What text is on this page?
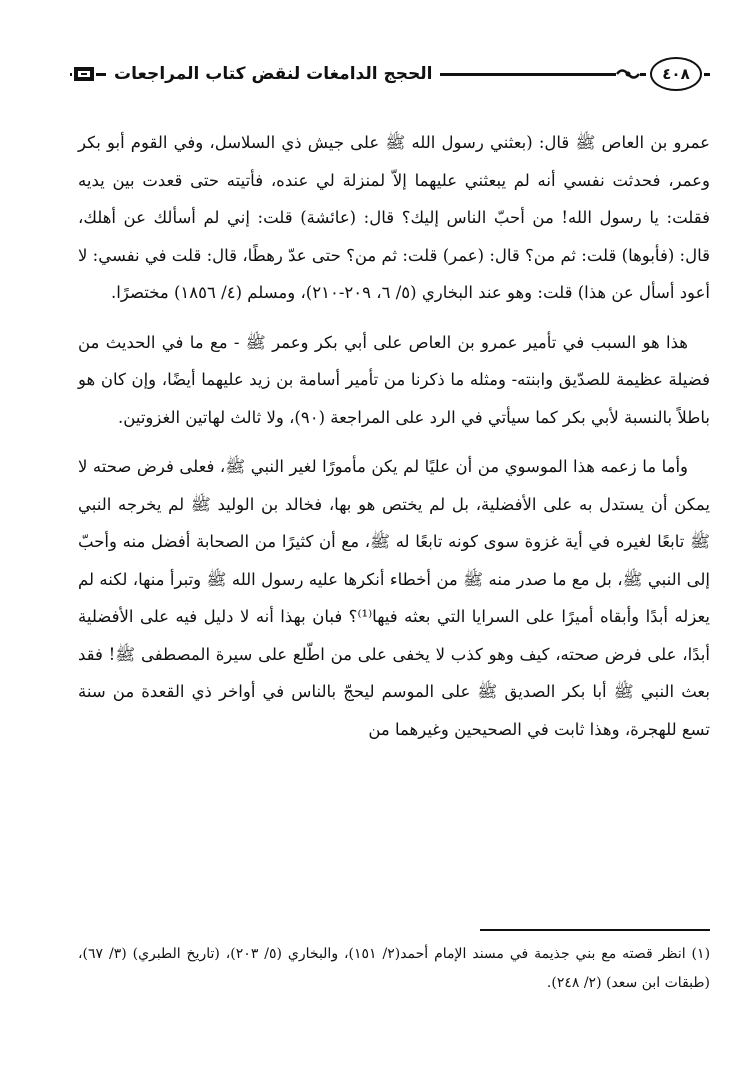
الحجج الدامغات لنقض كتاب المراجعات	٤٠٨

عمرو بن العاص ﷺ قال: (بعثني رسول الله ﷺ على جيش ذي السلاسل، وفي القوم أبو بكر وعمر، فحدثت نفسي أنه لم يبعثني عليهما إلاّ لمنزلة لي عنده، فأتيته حتى قعدت بين يديه فقلت: يا رسول الله! من أحبّ الناس إليك؟ قال: (عائشة) قلت: إني لم أسألك عن أهلك، قال: (فأبوها) قلت: ثم من؟ قال: (عمر) قلت: ثم من؟ حتى عدّ رهطًا، قال: قلت في نفسي: لا أعود أسأل عن هذا) قلت: وهو عند البخاري (٥/ ٦، ٢٠٩-٢١٠)، ومسلم (٤/ ١٨٥٦) مختصرًا.

هذا هو السبب في تأمير عمرو بن العاص على أبي بكر وعمر ﷺ - مع ما في الحديث من فضيلة عظيمة للصدّيق وابنته- ومثله ما ذكرنا من تأمير أسامة بن زيد عليهما أيضًا، وإن كان هو باطلاً بالنسبة لأبي بكر كما سيأتي في الرد على المراجعة (٩٠)، ولا ثالث لهاتين الغزوتين.

وأما ما زعمه هذا الموسوي من أن عليًا لم يكن مأمورًا لغير النبي ﷺ، فعلى فرض صحته لا يمكن أن يستدل به على الأفضلية، بل لم يختص هو بها، فخالد بن الوليد ﷺ لم يخرجه النبي ﷺ تابعًا لغيره في أية غزوة سوى كونه تابعًا له ﷺ، مع أن كثيرًا من الصحابة أفضل منه وأحبّ إلى النبي ﷺ، بل مع ما صدر منه ﷺ من أخطاء أنكرها عليه رسول الله ﷺ وتبرأ منها، لكنه لم يعزله أبدًا وأبقاه أميرًا على السرايا التي بعثه فيها⁽¹⁾؟ فبان بهذا أنه لا دليل فيه على الأفضلية أبدًا، على فرض صحته، كيف وهو كذب لا يخفى على من اطّلع على سيرة المصطفى ﷺ! فقد بعث النبي ﷺ أبا بكر الصديق ﷺ على الموسم ليحجّ بالناس في أواخر ذي القعدة من سنة تسع للهجرة، وهذا ثابت في الصحيحين وغيرهما من

(١) انظر قصته مع بني جذيمة في مسند الإمام أحمد(٢/ ١٥١)، والبخاري (٥/ ٢٠٣)، (تاريخ الطبري) (٣/ ٦٧)، (طبقات ابن سعد) (٢/ ٢٤٨).
